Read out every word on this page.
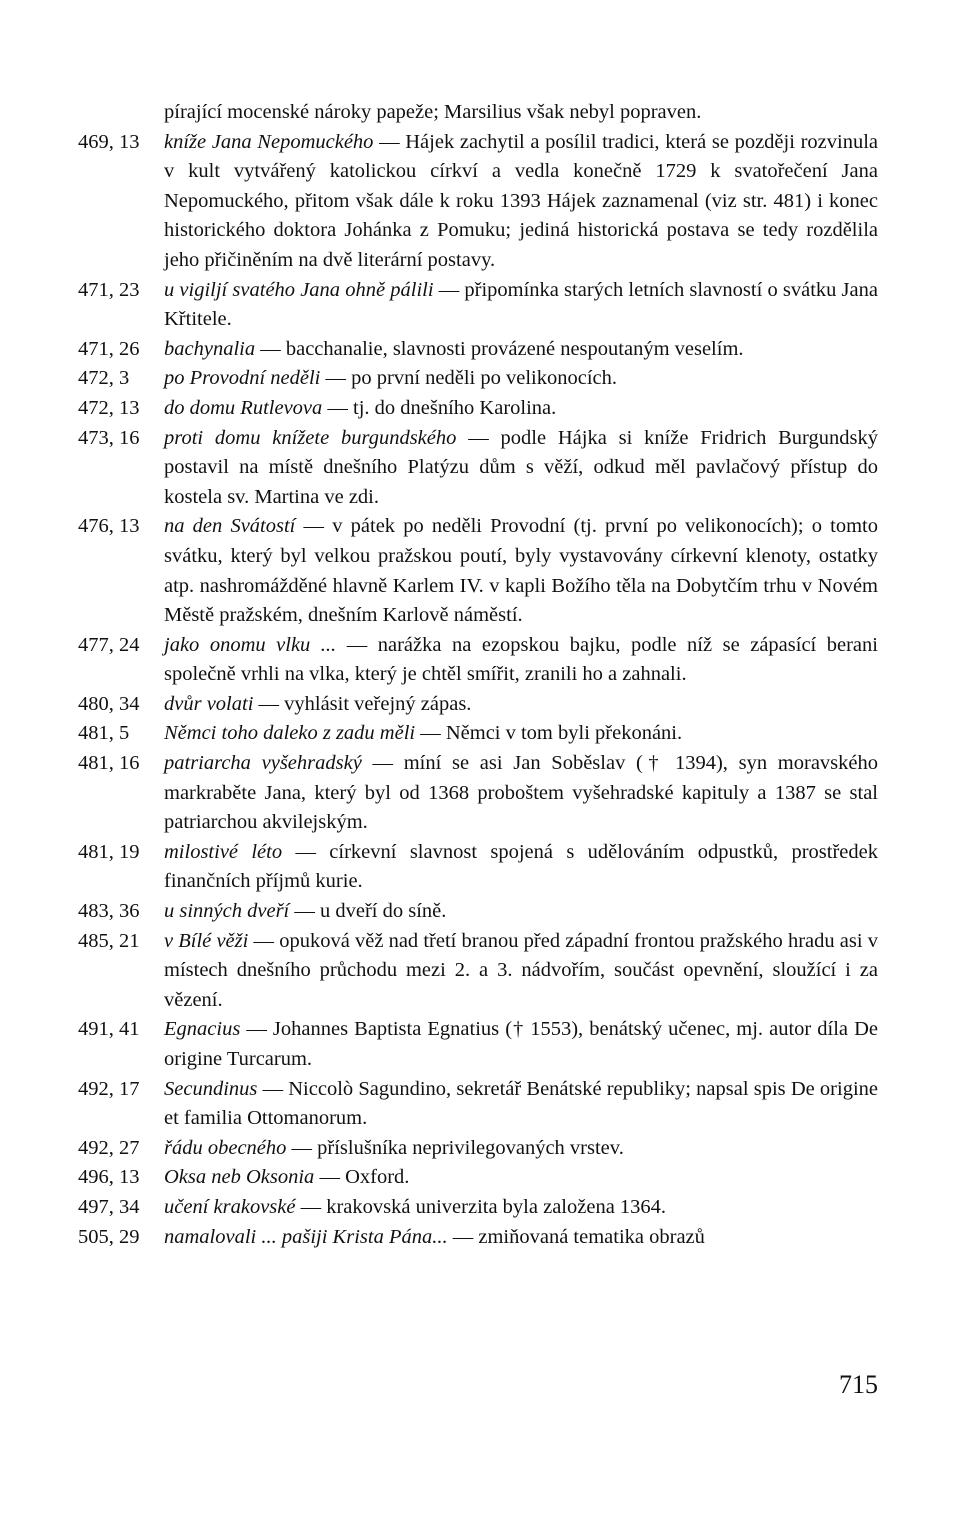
pírající mocenské nároky papeže; Marsilius však nebyl popraven.
469, 13	kníže Jana Nepomuckého — Hájek zachytil a posílil tradici, která se později rozvinula v kult vytvářený katolickou církví a vedla konečně 1729 k svatořečení Jana Nepomuckého, přitom však dále k roku 1393 Hájek zaznamenal (viz str. 481) i konec historického doktora Johánka z Pomuku; jediná historická postava se tedy rozdělila jeho přičiněním na dvě literární postavy.
471, 23	u vigiljí svatého Jana ohně pálili — připomínka starých letních slavností o svátku Jana Křtitele.
471, 26	bachynalia — bacchanalie, slavnosti provázené nespoutaným veselím.
472, 3	po Provodní neděli — po první neděli po velikonocích.
472, 13	do domu Rutlevova — tj. do dnešního Karolina.
473, 16	proti domu knížete burgundského — podle Hájka si kníže Fridrich Burgundský postavil na místě dnešního Platýzu dům s věží, odkud měl pavlačový přístup do kostela sv. Martina ve zdi.
476, 13	na den Svátostí — v pátek po neděli Provodní (tj. první po velikonocích); o tomto svátku, který byl velkou pražskou poutí, byly vystavovány církevní klenoty, ostatky atp. nashromážděné hlavně Karlem IV. v kapli Božího těla na Dobytčím trhu v Novém Městě pražském, dnešním Karlově náměstí.
477, 24	jako onomu vlku ... — narážka na ezopskou bajku, podle níž se zápasící berani společně vrhli na vlka, který je chtěl smířit, zranili ho a zahnali.
480, 34	dvůr volati — vyhlásit veřejný zápas.
481, 5	Němci toho daleko z zadu měli — Němci v tom byli překonáni.
481, 16	patriarcha vyšehradský — míní se asi Jan Soběslav († 1394), syn moravského markraběte Jana, který byl od 1368 proboštem vyšehradské kapituly a 1387 se stal patriarchou akvilejským.
481, 19	milostivé léto — církevní slavnost spojená s udělováním odpustků, prostředek finančních příjmů kurie.
483, 36	u sinných dveří — u dveří do síně.
485, 21	v Bílé věži — opuková věž nad třetí branou před západní frontou pražského hradu asi v místech dnešního průchodu mezi 2. a 3. nádvořím, součást opevnění, sloužící i za vězení.
491, 41	Egnacius — Johannes Baptista Egnatius († 1553), benátský učenec, mj. autor díla De origine Turcarum.
492, 17	Secundinus — Niccolò Sagundino, sekretář Benátské republiky; napsal spis De origine et familia Ottomanorum.
492, 27	řádu obecného — příslušníka neprivilegovaných vrstev.
496, 13	Oksa neb Oksonia — Oxford.
497, 34	učení krakovské — krakovská univerzita byla založena 1364.
505, 29	namalovali ... pašiji Krista Pána... — zmiňovaná tematika obrazů
715
